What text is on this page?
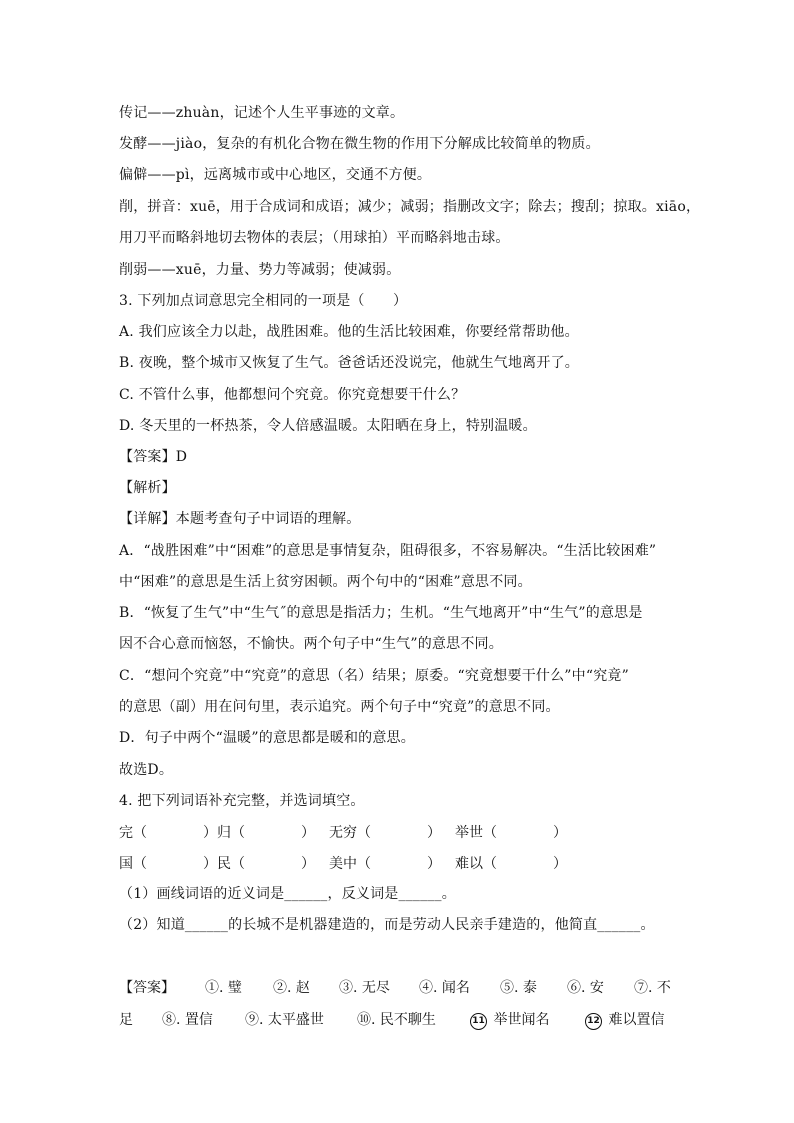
传记——zhuàn，记述个人生平事迹的文章。
发酵——jiào，复杂的有机化合物在微生物的作用下分解成比较简单的物质。
偏僻——pì，远离城市或中心地区，交通不方便。
削，拼音：xuē，用于合成词和成语；减少；减弱；指删改文字；除去；搜刮；掠取。xiāo，
用刀平而略斜地切去物体的表层；（用球拍）平而略斜地击球。
削弱——xuē，力量、势力等减弱；使减弱。
3. 下列加点词意思完全相同的一项是（　　）
A. 我们应该全力以赴，战胜困难。他的生活比较困难，你要经常帮助他。
B. 夜晚，整个城市又恢复了生气。爸爸话还没说完，他就生气地离开了。
C. 不管什么事，他都想问个究竟。你究竟想要干什么？
D. 冬天里的一杯热茶，令人倍感温暖。太阳晒在身上，特别温暖。
【答案】D
【解析】
【详解】本题考查句子中词语的理解。
A．“战胜困难”中“困难”的意思是事情复杂，阻碍很多，不容易解决。“生活比较困难”
中“困难”的意思是生活上贫穷困顿。两个句中的“困难”意思不同。
B．“恢复了生气”中“生气˝的意思是指活力；生机。“生气地离开”中“生气”的意思是
因不合心意而恼怒，不愉快。两个句子中“生气”的意思不同。
C．“想问个究竟”中“究竟”的意思（名）结果；原委。“究竟想要干什么”中“究竟”
的意思（副）用在问句里，表示追究。两个句子中“究竟”的意思不同。
D．句子中两个“温暖”的意思都是暖和的意思。
故选D。
4. 把下列词语补充完整，并选词填空。
完（　　　　）归（　　　　） 无穷（　　　　） 举世（　　　　）
国（　　　　）民（　　　　） 美中（　　　　） 难以（　　　　）
（1）画线词语的近义词是______，反义词是______。
（2）知道______的长城不是机器建造的，而是劳动人民亲手建造的，他简直______。
【答案】 ①. 璧 ②. 赵 ③. 无尽 ④. 闻名 ⑤. 泰 ⑥. 安 ⑦. 不
足 ⑧. 置信 ⑨. 太平盛世 ⑩. 民不聊生	11 举世闻名	12 难以置信
